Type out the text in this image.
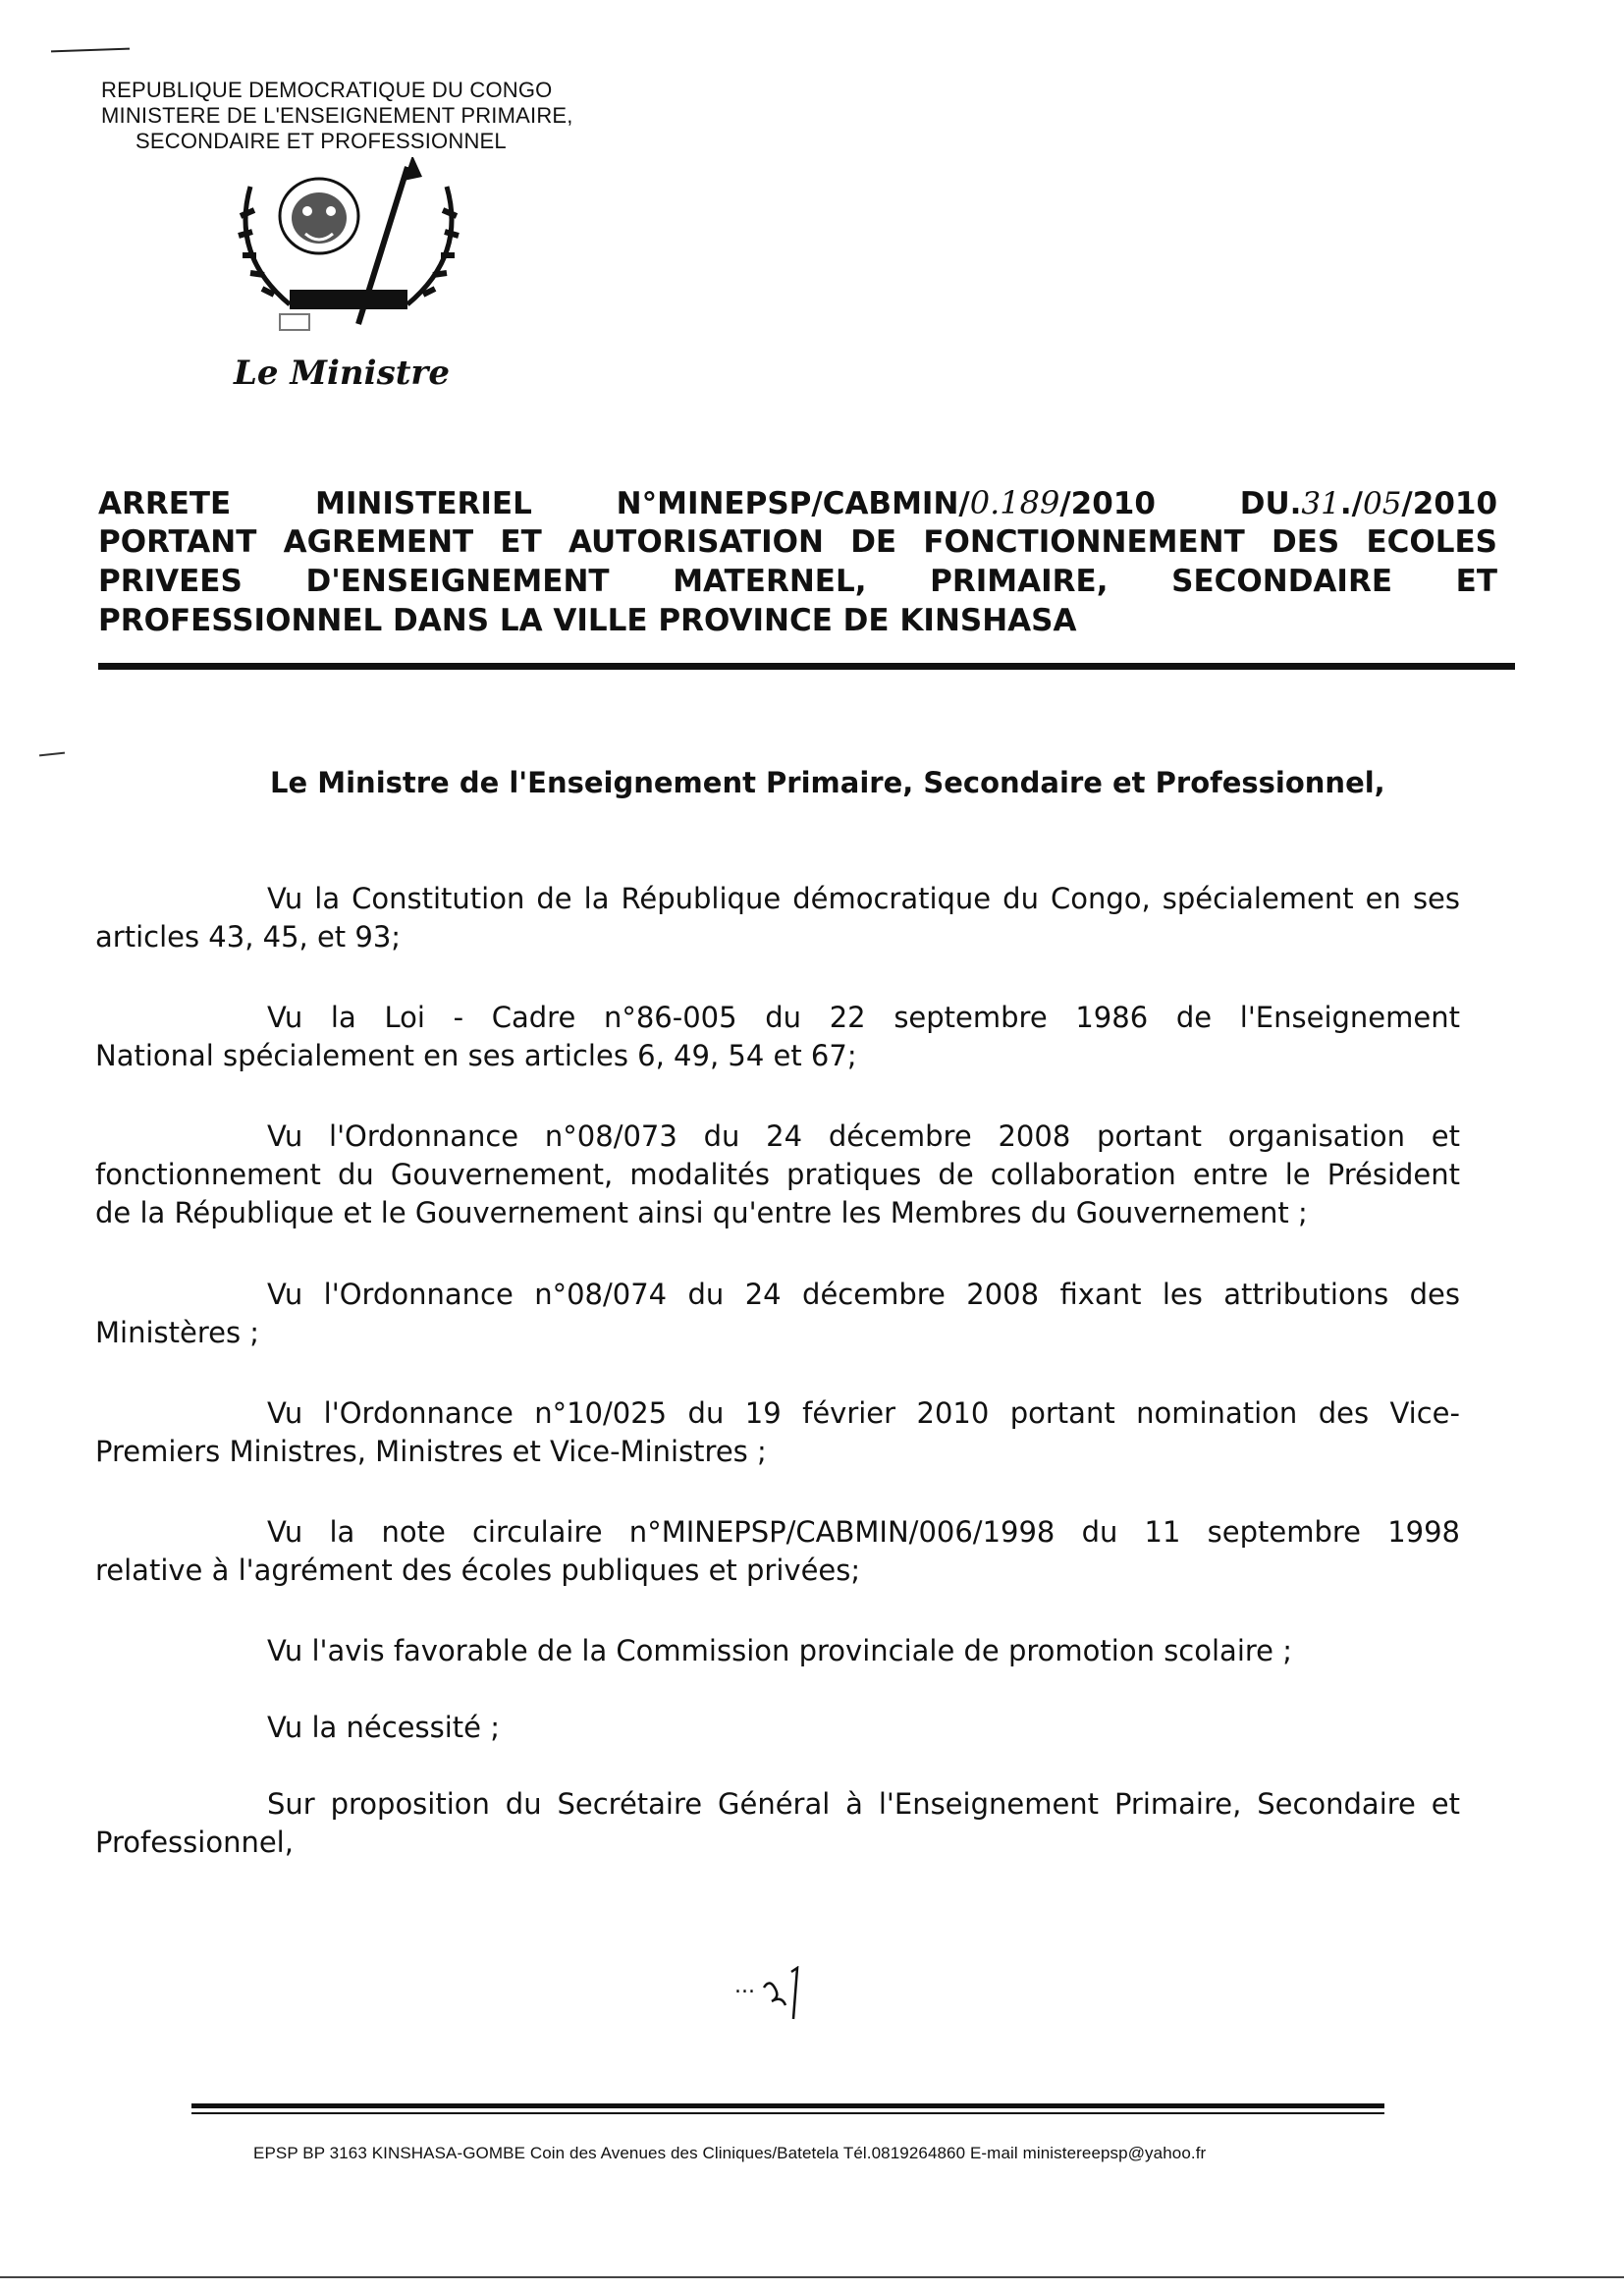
REPUBLIQUE DEMOCRATIQUE DU CONGO
MINISTERE DE L'ENSEIGNEMENT PRIMAIRE,
SECONDAIRE ET PROFESSIONNEL
Le Ministre
ARRETE	MINISTERIEL	N°MINEPSP/CABMIN/0.189/2010	DU.31./05/2010
PORTANT AGREMENT ET AUTORISATION DE FONCTIONNEMENT DES ECOLES
PRIVEES D'ENSEIGNEMENT MATERNEL, PRIMAIRE, SECONDAIRE ET
PROFESSIONNEL DANS LA VILLE PROVINCE DE KINSHASA
Le Ministre de l'Enseignement Primaire, Secondaire et Professionnel,
Vu la Constitution de la République démocratique du Congo, spécialement en ses
articles 43, 45, et 93;
Vu la Loi - Cadre n°86-005 du 22 septembre 1986 de l'Enseignement
National spécialement en ses articles 6, 49, 54 et 67;
Vu l'Ordonnance n°08/073 du 24 décembre 2008 portant organisation et
fonctionnement du Gouvernement, modalités pratiques de collaboration entre le Président
de la République et le Gouvernement ainsi qu'entre les Membres du Gouvernement ;
Vu l'Ordonnance n°08/074 du 24 décembre 2008 fixant les attributions des
Ministères ;
Vu l'Ordonnance n°10/025 du 19 février 2010 portant nomination des Vice-
Premiers Ministres, Ministres et Vice-Ministres ;
Vu la note circulaire n°MINEPSP/CABMIN/006/1998 du 11 septembre 1998
relative à l'agrément des écoles publiques et privées;
Vu l'avis favorable de la Commission provinciale de promotion scolaire ;
Vu la nécessité ;
Sur proposition du Secrétaire Général à l'Enseignement Primaire, Secondaire et
Professionnel,
...
EPSP BP 3163 KINSHASA-GOMBE Coin des Avenues des Cliniques/Batetela Tél.0819264860 E-mail ministereepsp@yahoo.fr
